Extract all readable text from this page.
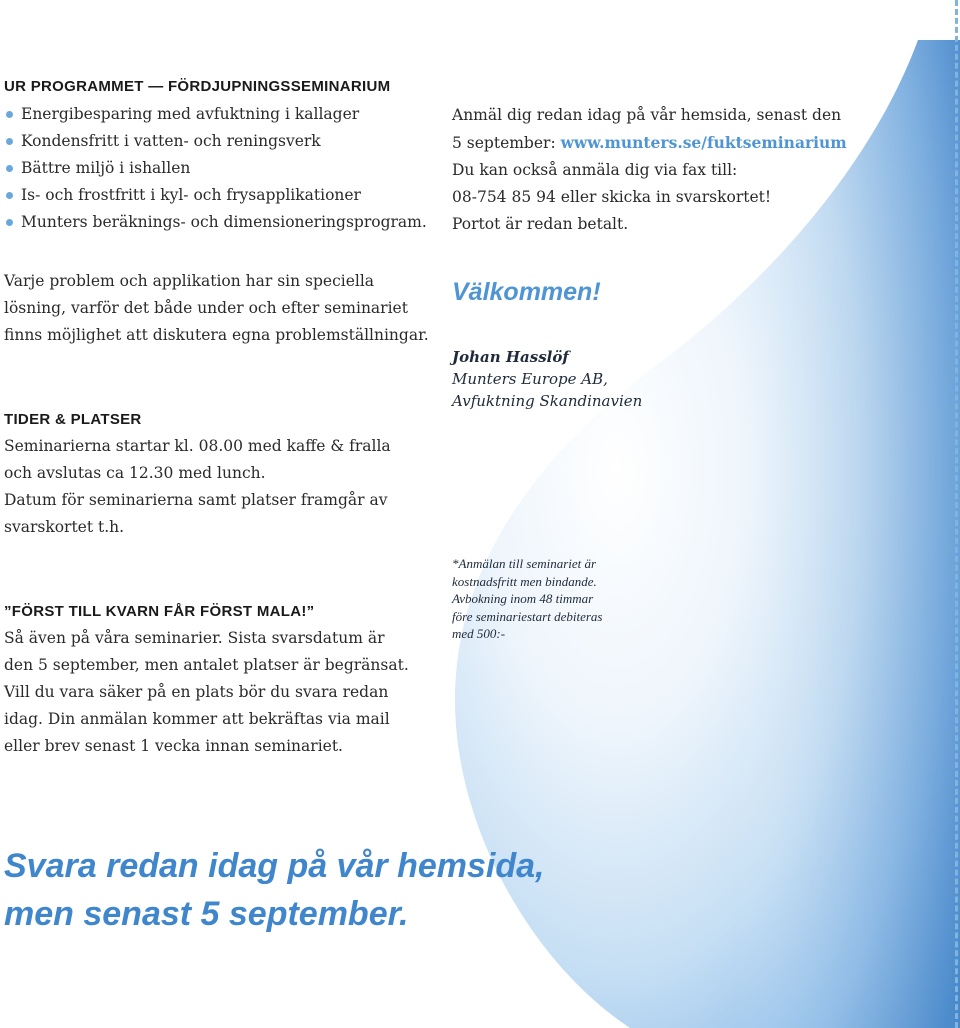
UR PROGRAMMET — FÖRDJUPNINGSSEMINARIUM
Energibesparing med avfuktning i kallager
Kondensfritt i vatten- och reningsverk
Bättre miljö i ishallen
Is- och frostfritt i kyl- och frysapplikationer
Munters beräknings- och dimensioneringsprogram.

Anmäl dig redan idag på vår hemsida, senast den

5 september: www.munters.se/fuktseminarium

Du kan också anmäla dig via fax till:

08-754 85 94 eller skicka in svarskortet!

Portot är redan betalt.

Varje problem och applikation har sin speciella

lösning, varför det både under och efter seminariet

finns möjlighet att diskutera egna problemställningar.

TIDER & PLATSER

Seminarierna startar kl. 08.00 med kaffe & fralla

och avslutas ca 12.30 med lunch.

Datum för seminarierna samt platser framgår av

svarskortet t.h.

”FÖRST TILL KVARN FÅR FÖRST MALA!”

Så även på våra seminarier. Sista svarsdatum är

den 5 september, men antalet platser är begränsat.

Vill du vara säker på en plats bör du svara redan

idag. Din anmälan kommer att bekräftas via mail

eller brev senast 1 vecka innan seminariet.

Välkommen!

Johan Hasslöf

Munters Europe AB,

Avfuktning Skandinavien

*Anmälan till seminariet är

kostnadsfritt men bindande.

Avbokning inom 48 timmar

före seminariestart debiteras

med 500:-

Svara redan idag på vår hemsida,

men senast 5 september.
